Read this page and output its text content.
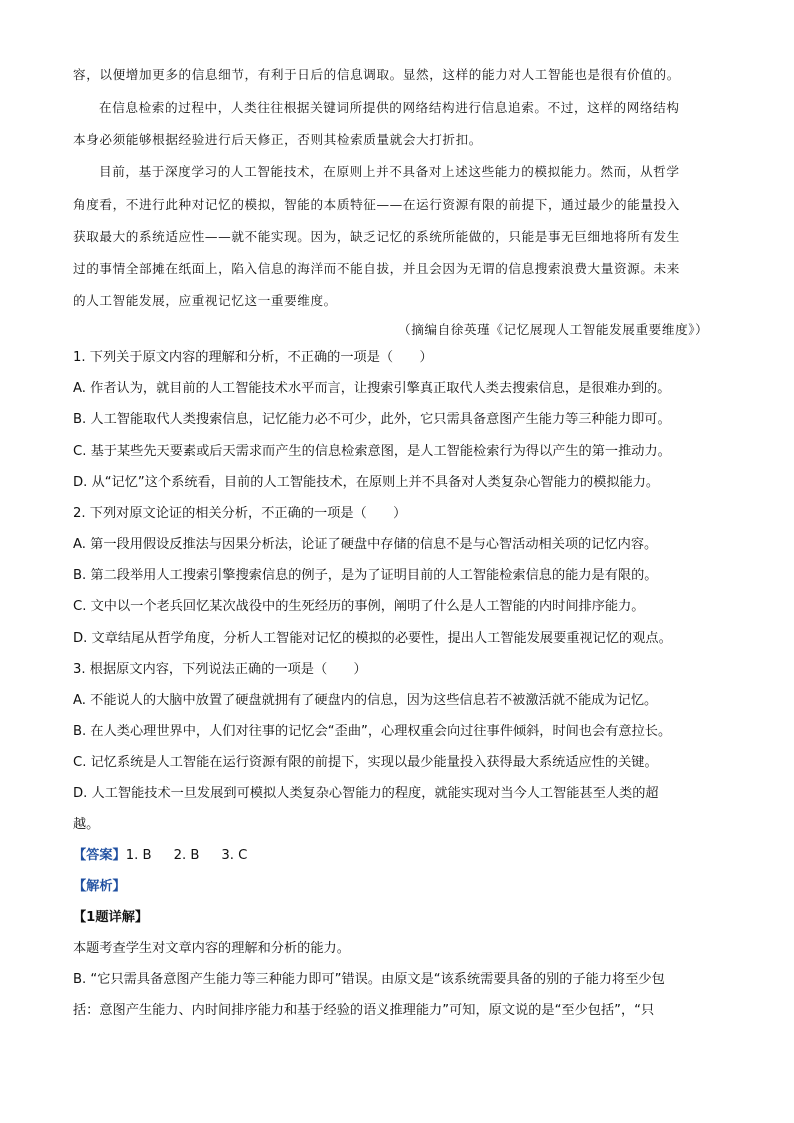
容，以便增加更多的信息细节，有利于日后的信息调取。显然，这样的能力对人工智能也是很有价值的。
在信息检索的过程中，人类往往根据关键词所提供的网络结构进行信息追索。不过，这样的网络结构
本身必须能够根据经验进行后天修正，否则其检索质量就会大打折扣。
目前，基于深度学习的人工智能技术，在原则上并不具备对上述这些能力的模拟能力。然而，从哲学
角度看，不进行此种对记忆的模拟，智能的本质特征——在运行资源有限的前提下，通过最少的能量投入
获取最大的系统适应性——就不能实现。因为，缺乏记忆的系统所能做的，只能是事无巨细地将所有发生
过的事情全部摊在纸面上，陷入信息的海洋而不能自拔，并且会因为无谓的信息搜索浪费大量资源。未来
的人工智能发展，应重视记忆这一重要维度。
（摘编自徐英瑾《记忆展现人工智能发展重要维度》）
1. 下列关于原文内容的理解和分析，不正确的一项是（　　）
A. 作者认为，就目前的人工智能技术水平而言，让搜索引擎真正取代人类去搜索信息，是很难办到的。
B. 人工智能取代人类搜索信息，记忆能力必不可少，此外，它只需具备意图产生能力等三种能力即可。
C. 基于某些先天要素或后天需求而产生的信息检索意图，是人工智能检索行为得以产生的第一推动力。
D. 从“记忆”这个系统看，目前的人工智能技术，在原则上并不具备对人类复杂心智能力的模拟能力。
2. 下列对原文论证的相关分析，不正确的一项是（　　）
A. 第一段用假设反推法与因果分析法，论证了硬盘中存储的信息不是与心智活动相关项的记忆内容。
B. 第二段举用人工搜索引擎搜索信息的例子，是为了证明目前的人工智能检索信息的能力是有限的。
C. 文中以一个老兵回忆某次战役中的生死经历的事例，阐明了什么是人工智能的内时间排序能力。
D. 文章结尾从哲学角度，分析人工智能对记忆的模拟的必要性，提出人工智能发展要重视记忆的观点。
3. 根据原文内容，下列说法正确的一项是（　　）
A. 不能说人的大脑中放置了硬盘就拥有了硬盘内的信息，因为这些信息若不被激活就不能成为记忆。
B. 在人类心理世界中，人们对往事的记忆会“歪曲”，心理权重会向过往事件倾斜，时间也会有意拉长。
C. 记忆系统是人工智能在运行资源有限的前提下，实现以最少能量投入获得最大系统适应性的关键。
D. 人工智能技术一旦发展到可模拟人类复杂心智能力的程度，就能实现对当今人工智能甚至人类的超
越。
【答案】1. B 2. B 3. C
【解析】
【1题详解】
本题考查学生对文章内容的理解和分析的能力。
B. “它只需具备意图产生能力等三种能力即可”错误。由原文是“该系统需要具备的别的子能力将至少包
括：意图产生能力、内时间排序能力和基于经验的语义推理能力”可知，原文说的是“至少包括”，“只
